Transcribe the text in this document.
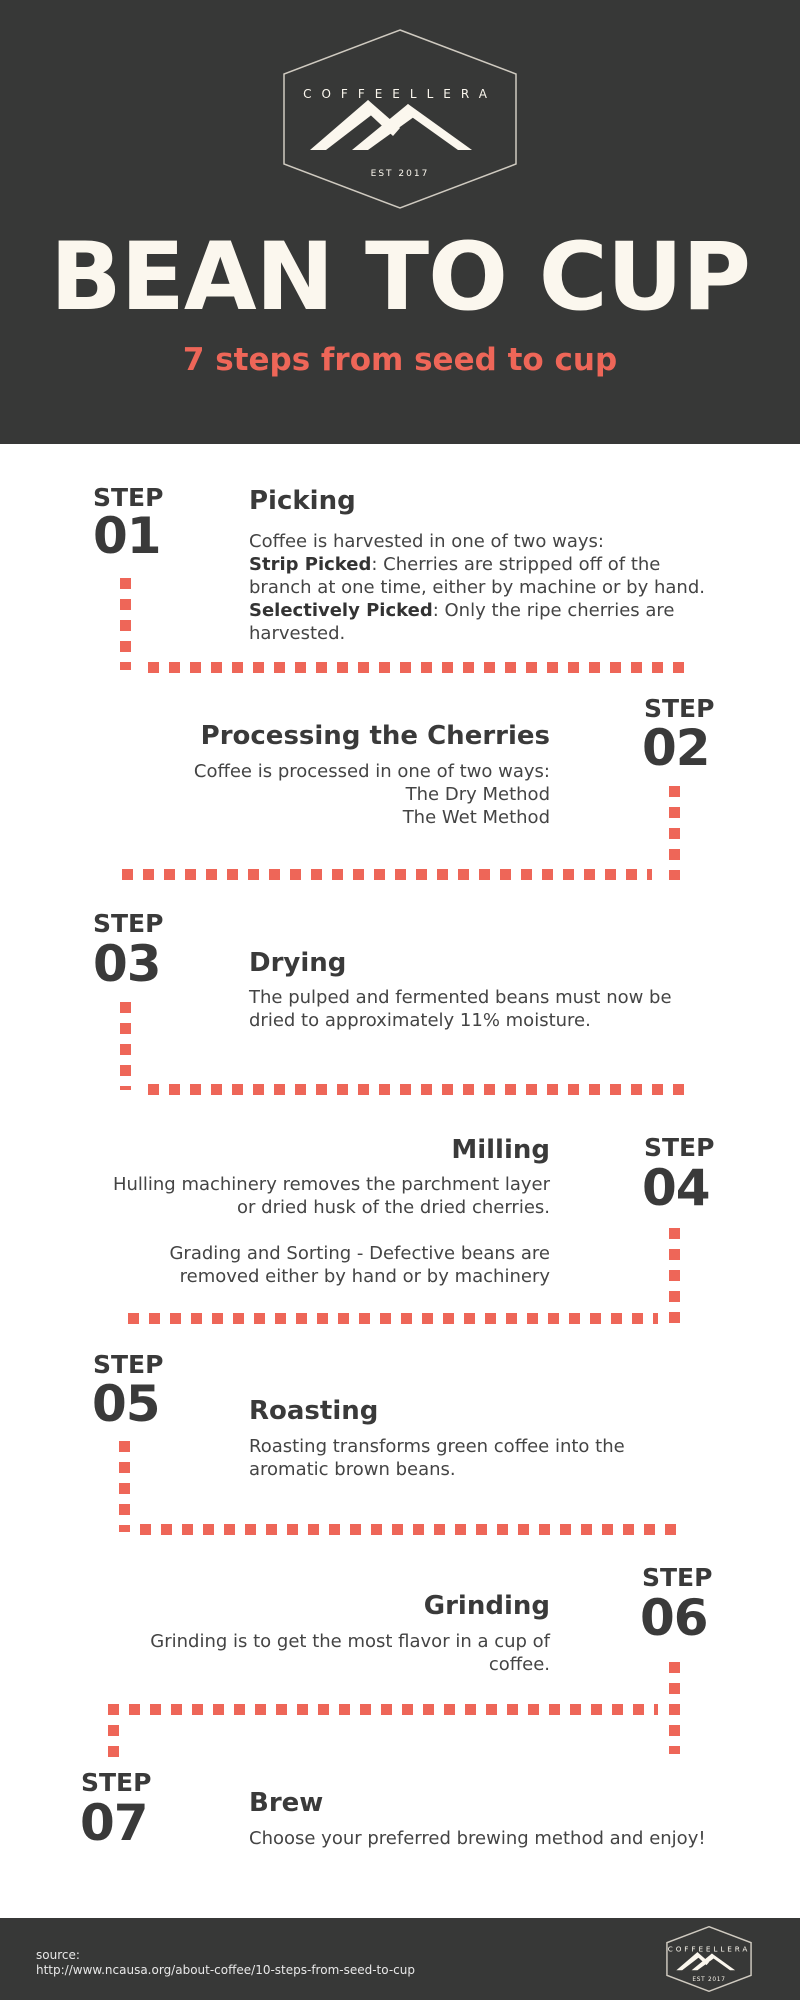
COFFEELLERA
EST 2017
BEAN TO CUP
7 steps from seed to cup
STEP
01
Picking
Coffee is harvested in one of two ways:
Strip Picked: Cherries are stripped off of the branch at one time, either by machine or by hand.
Selectively Picked: Only the ripe cherries are harvested.
STEP
02
Processing the Cherries
Coffee is processed in one of two ways:
The Dry Method
The Wet Method
STEP
03	Drying
The pulped and fermented beans must now be dried to approximately 11% moisture.
STEP
04
Milling
Hulling machinery removes the parchment layer or dried husk of the dried cherries.
Grading and Sorting - Defective beans are removed either by hand or by machinery
STEP
05	Roasting
Roasting transforms green coffee into the aromatic brown beans.
STEP
06
Grinding
Grinding is to get the most flavor in a cup of coffee.
STEP
07	Brew
Choose your preferred brewing method and enjoy!
source:
http://www.ncausa.org/about-coffee/10-steps-from-seed-to-cup
COFFEELLERA
EST 2017
